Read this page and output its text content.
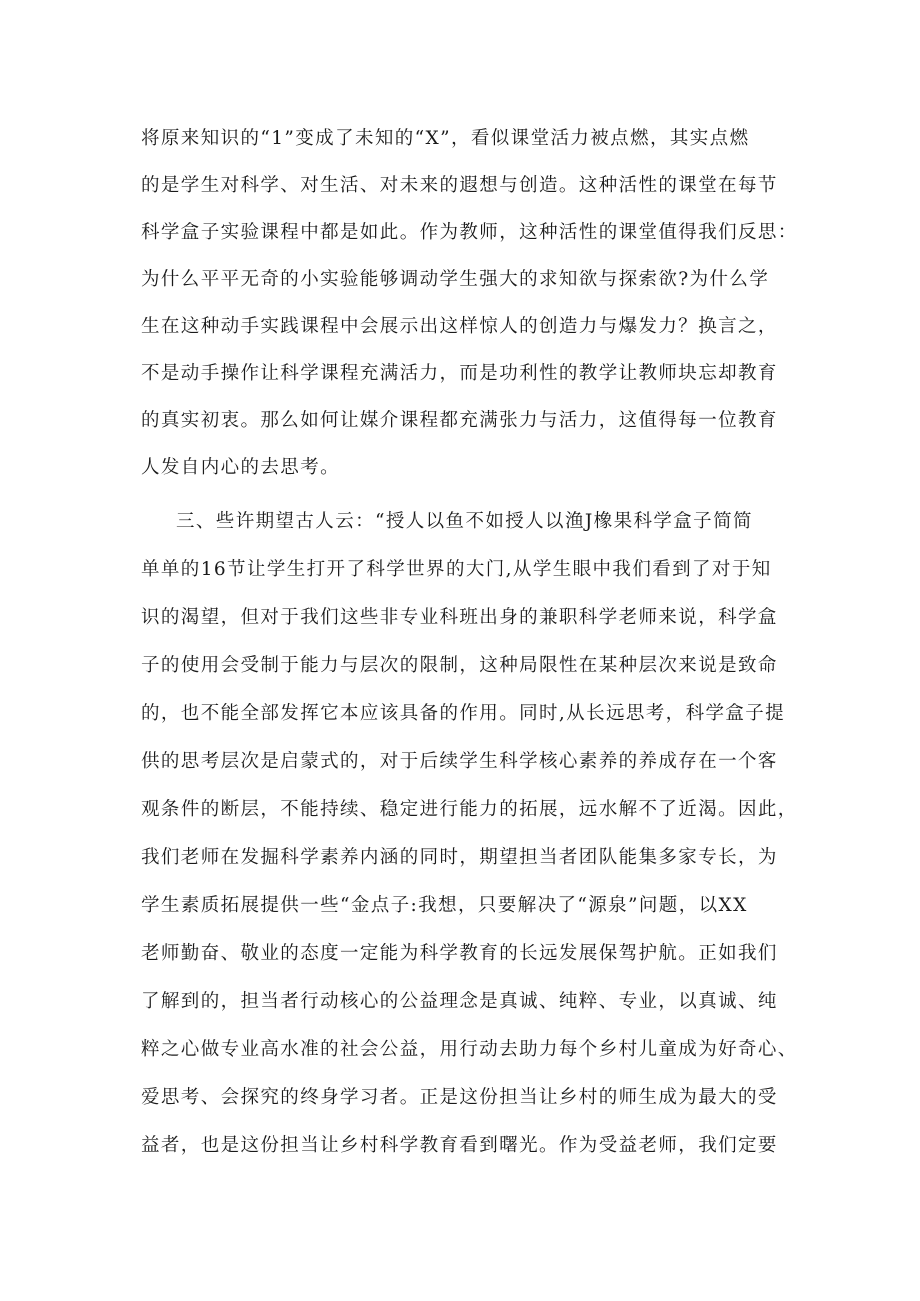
将原来知识的“1”变成了未知的“X”，看似课堂活力被点燃，其实点燃
的是学生对科学、对生活、对未来的遐想与创造。这种活性的课堂在每节
科学盒子实验课程中都是如此。作为教师，这种活性的课堂值得我们反思：
为什么平平无奇的小实验能够调动学生强大的求知欲与探索欲?为什么学
生在这种动手实践课程中会展示出这样惊人的创造力与爆发力？换言之，
不是动手操作让科学课程充满活力，而是功利性的教学让教师块忘却教育
的真实初衷。那么如何让媒介课程都充满张力与活力，这值得每一位教育
人发自内心的去思考。
三、些许期望古人云：“授人以鱼不如授人以渔J橡果科学盒子简简
单单的16节让学生打开了科学世界的大门,从学生眼中我们看到了对于知
识的渴望，但对于我们这些非专业科班出身的兼职科学老师来说，科学盒
子的使用会受制于能力与层次的限制，这种局限性在某种层次来说是致命
的，也不能全部发挥它本应该具备的作用。同时,从长远思考，科学盒子提
供的思考层次是启蒙式的，对于后续学生科学核心素养的养成存在一个客
观条件的断层，不能持续、稳定进行能力的拓展，远水解不了近渴。因此，
我们老师在发掘科学素养内涵的同时，期望担当者团队能集多家专长，为
学生素质拓展提供一些“金点子:我想，只要解决了“源泉”问题，以XX
老师勤奋、敬业的态度一定能为科学教育的长远发展保驾护航。正如我们
了解到的，担当者行动核心的公益理念是真诚、纯粹、专业，以真诚、纯
粹之心做专业高水准的社会公益，用行动去助力每个乡村儿童成为好奇心、
爱思考、会探究的终身学习者。正是这份担当让乡村的师生成为最大的受
益者，也是这份担当让乡村科学教育看到曙光。作为受益老师，我们定要
